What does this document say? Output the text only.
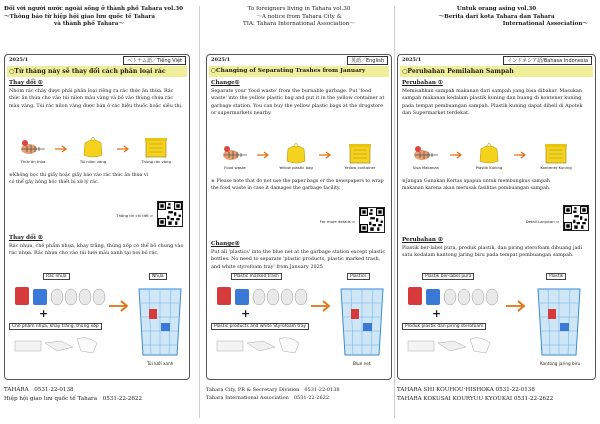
Đối với người nước ngoài sống ở thành phố Tahara vol.30
〜Thông báo từ hiệp hội giao lưu quốc tế Tahara
và thành phố Tahara〜
2025/1	ベトナム語／Tiếng Việt
○Từ tháng này sẽ thay đổi cách phân loại rác
Thay đổi ①
Nhóm rác cháy được phải phân loại riêng ra rác thức ăn thừa. Rác thức ăn thừa cho vào túi nilon màu vàng và bỏ vào thùng chứa rác màu vàng. Túi rác nilon vàng được bán ở các hiệu thuốc hoặc siêu thị.
Thức ăn thừa	Túi nilon vàng	Thùng rác vàng
※Không bọc thì giấy hoặc giấy báo vào rác thức ăn thừa vì có thể gây hỏng hóc thiết bị xử lý rác.
Thông tin chi tiết ⇒
Thay đổi ②
Rác nhựa, chế phẩm nhựa, khay trắng, thùng xốp có thể bỏ chung vào rác nhựa. Rác nhựa cho vào túi lưới màu xanh tại nơi bỏ rác.
Rác nhựa
+
Chế phẩm nhựa, khay trắng, thùng xốp
Nhựa
Túi lưới xanh
TAHARA　0531-22-0138
Hiệp hội giao lưu quốc tế Tahara　0531-22-2622
To foreigners living in Tahara vol.30
〜A notice from Tahara City &
TIA: Tahara International Association〜
2025/1	英語／English
○Changing of Separating Trashes from January
Change①
Separate your 'food waste' from the burnable garbage. Put 'food waste' into the yellow plastic bag and put it in the yellow container at garbage station. You can buy the yellow plastic bags at the drugstore or supermarkets nearby.
Food waste	Yellow plastic bag	Yellow container
※ Please note that do not use the paper bags or the newspapers to wrap the food waste in case it damages the garbage facility.
For more details ⇒
Change②
Put all 'plastics' into the blue net at the garbage station except plastic bottles. No need to separate 'plastic products, plastic marked trash, and white styrofoam tray' from January 2025
Plastic marked trash
+
Plastic products and white Styrofoam tray
Plastics
Blue net
Tahara City, PR & Secretary Division　0531-22-0138
Tahara International Association　0531-22-2622
Untuk orang asing vol.30
〜Berita dari kota Tahara dan Tahara
International Association〜
2025/1	インドネシア語/Bahasa Indonesia
○Perubahan Pemilahan Sampah
Perubahan ①
Memisahkan sampah makanan dari sampah yang bisa dibakar. Masukan sampah makanan kedalam plastik kuning dan buang di kontener kuning pada tempat pembuangan sampah. Plastik kuning dapat dibeli di Apotek dan Supermarket terdekat.
Sisa Makanan	Plastik Kuning	Kontener Kuning
※Jangan Gunakan Kertas apapun untuk membungkus sampah makanan karena akan merusak fasilitas pembuangan sampah.
Detail Lanjutan ⇒
Perubahan ②
Plastik ber-label pura, produk plastik, dan piring sterofoam dibuang jadi satu kedalam kantong jaring biru pada tempat pembuangan sampah.
Plastik ber-label pura
+
Produk plastik dan piring sterofoam
Plastik
Kantong jaring biru
TAHARA SHI KOUHOU·HISHOKA 0531-22-0138
TAHARA KOKUSAI KOURYUU KYOUKAI 0531-22-2622
